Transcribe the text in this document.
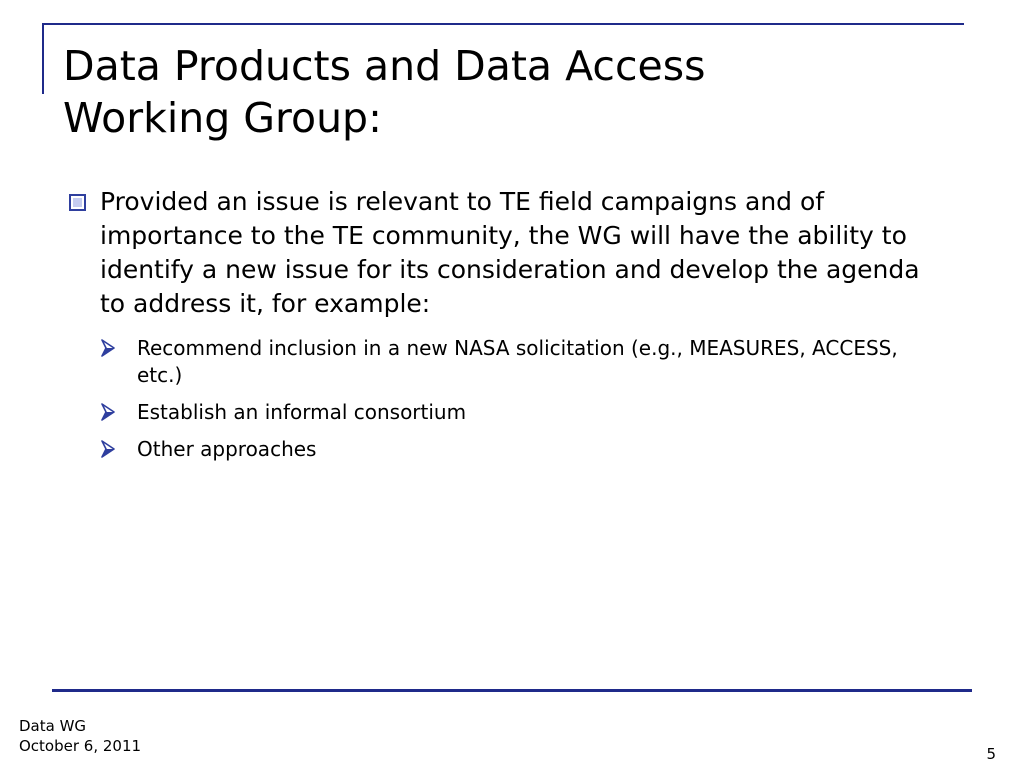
Data Products and Data Access
Working Group:
Provided an issue is relevant to TE field campaigns and of importance to the TE community, the WG will have the ability to identify a new issue for its consideration and develop the agenda to address it, for example:
Recommend inclusion in a new NASA solicitation (e.g., MEASURES, ACCESS, etc.)
Establish an informal consortium
Other approaches
Data WG
October 6, 2011	5
